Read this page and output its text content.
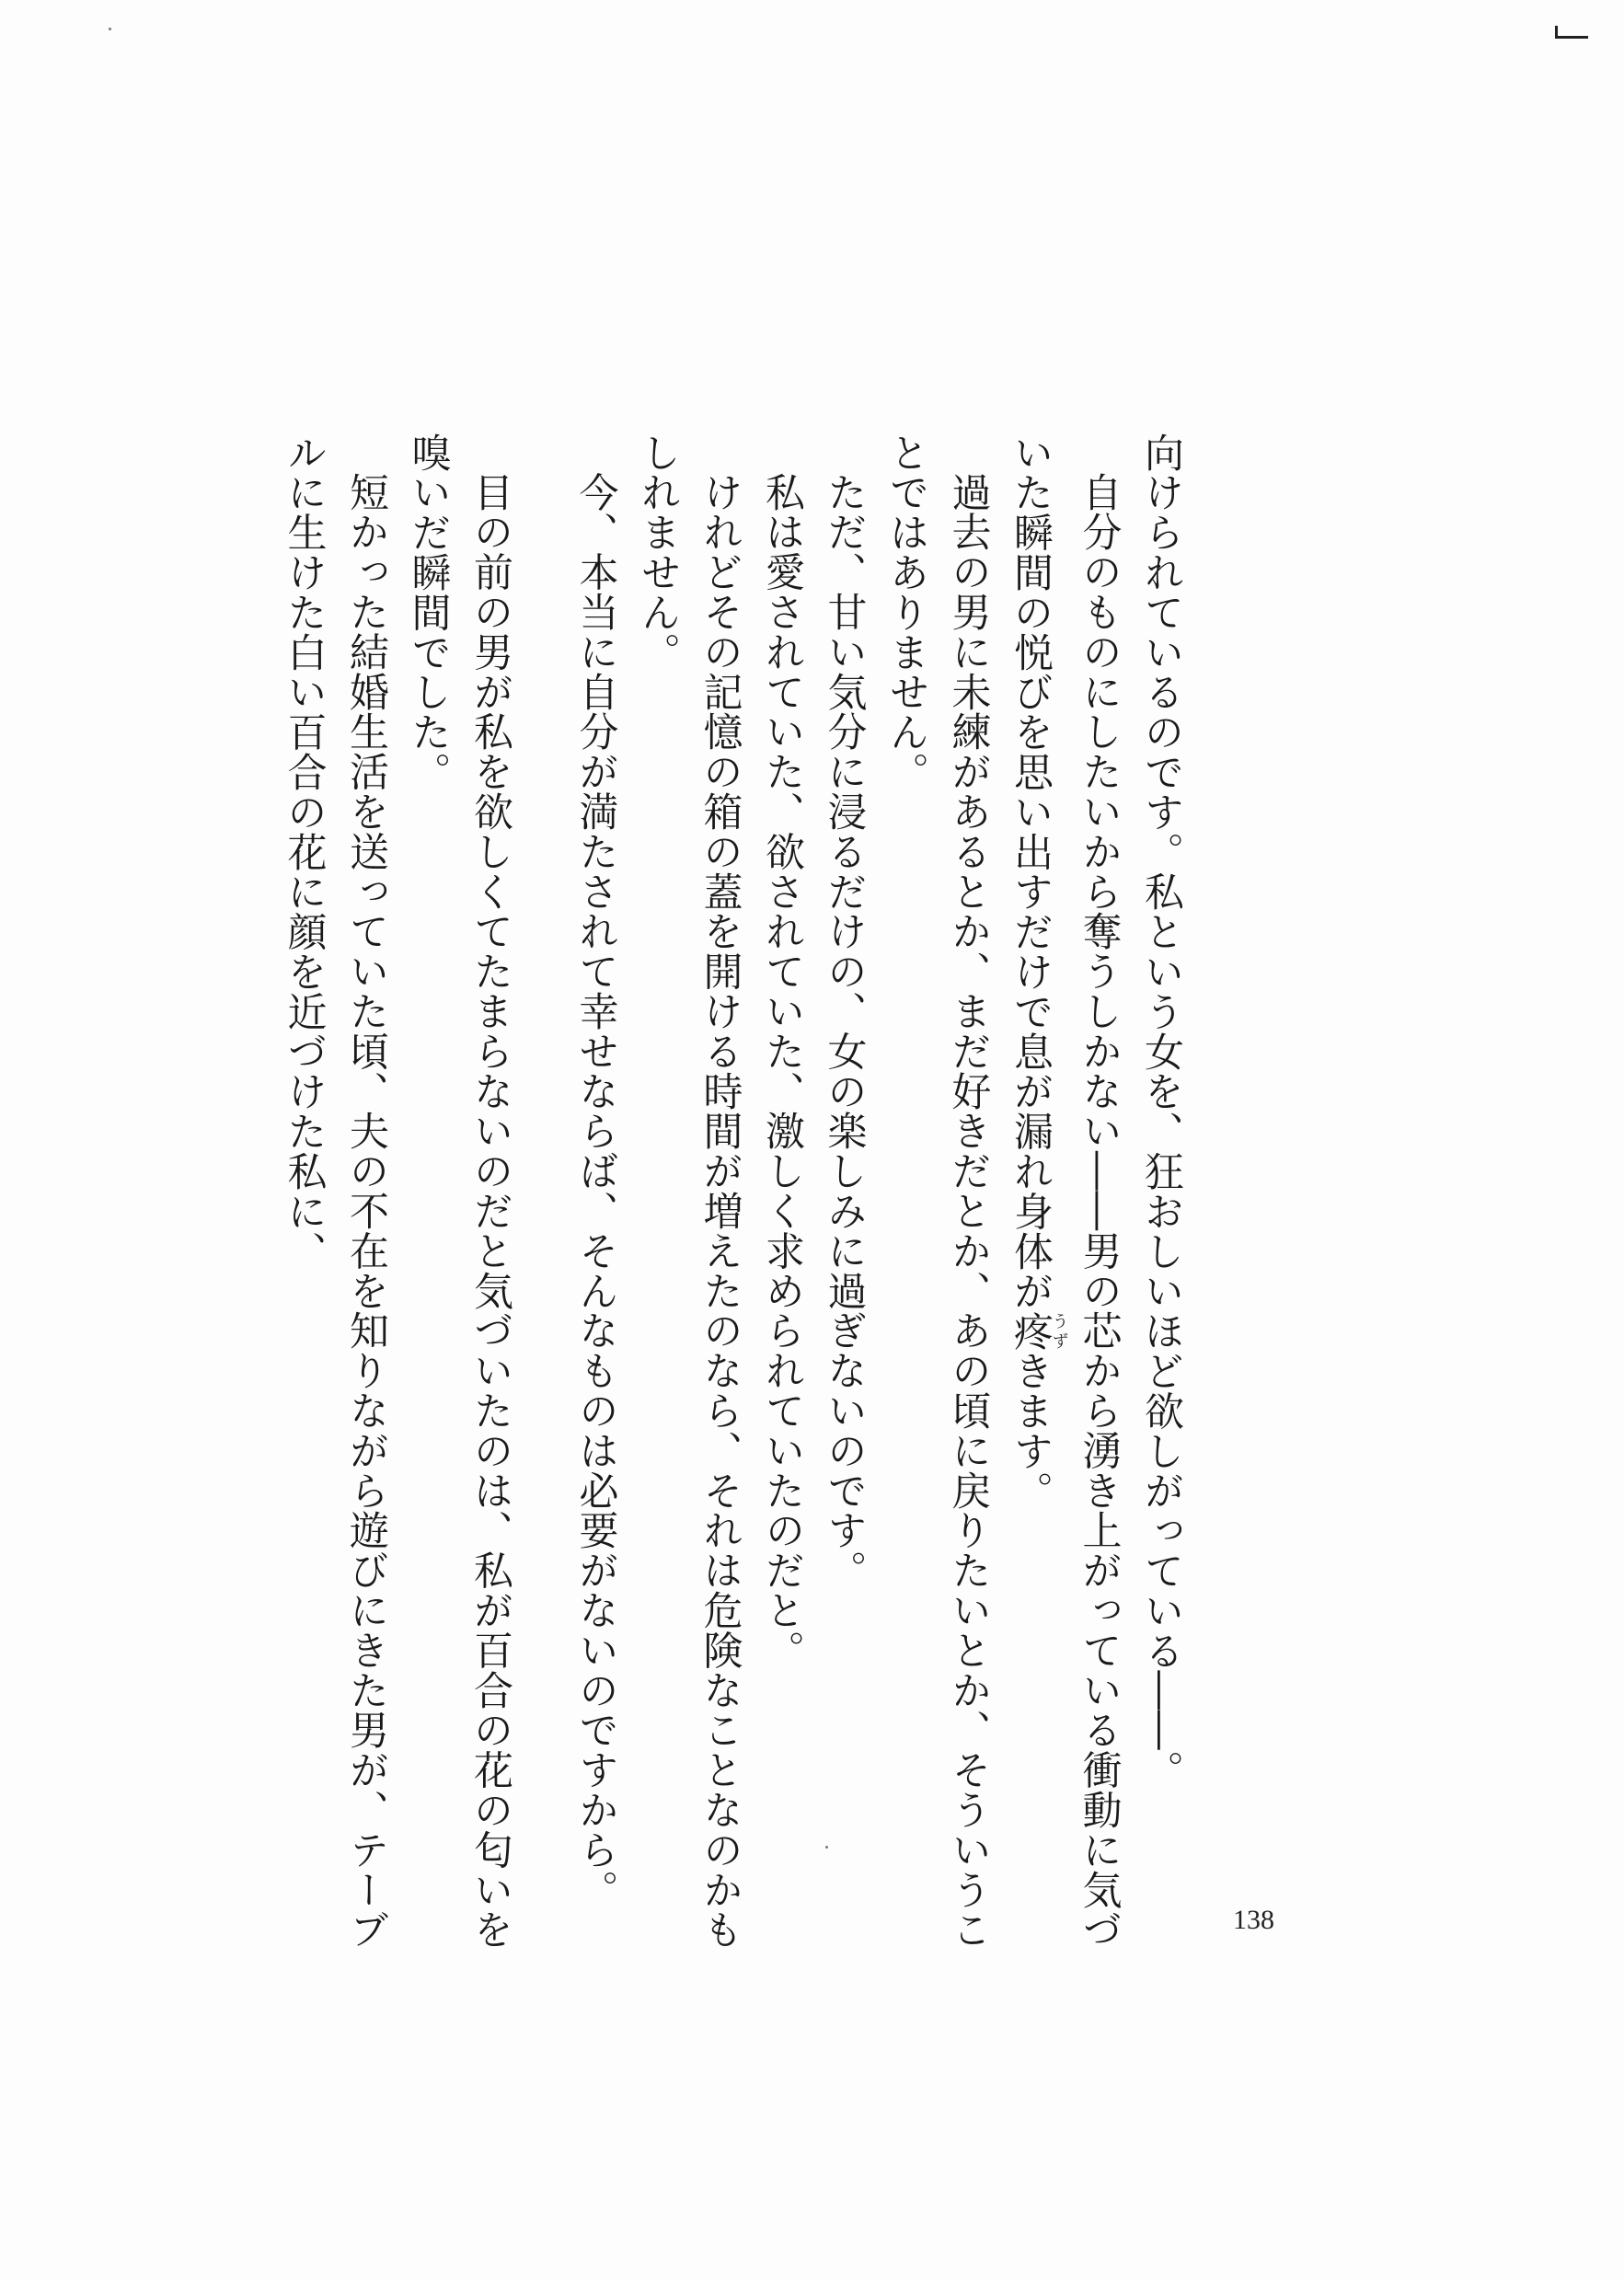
向けられているのです。私という女を、狂おしいほど欲しがっている――。
自分のものにしたいから奪うしかない――男の芯から湧き上がっている衝動に気づ
いた瞬間の悦びを思い出すだけで息が漏れ身体が疼うずきます。
過去の男に未練があるとか、まだ好きだとか、あの頃に戻りたいとか、そういうこ
とではありません。
ただ、甘い気分に浸るだけの、女の楽しみに過ぎないのです。
私は愛されていた、欲されていた、激しく求められていたのだと。
けれどその記憶の箱の蓋を開ける時間が増えたのなら、それは危険なことなのかも
しれません。
今、本当に自分が満たされて幸せならば、そんなものは必要がないのですから。
目の前の男が私を欲しくてたまらないのだと気づいたのは、私が百合の花の匂いを
嗅いだ瞬間でした。
短かった結婚生活を送っていた頃、夫の不在を知りながら遊びにきた男が、テーブ
ルに生けた白い百合の花に顔を近づけた私に、
138
